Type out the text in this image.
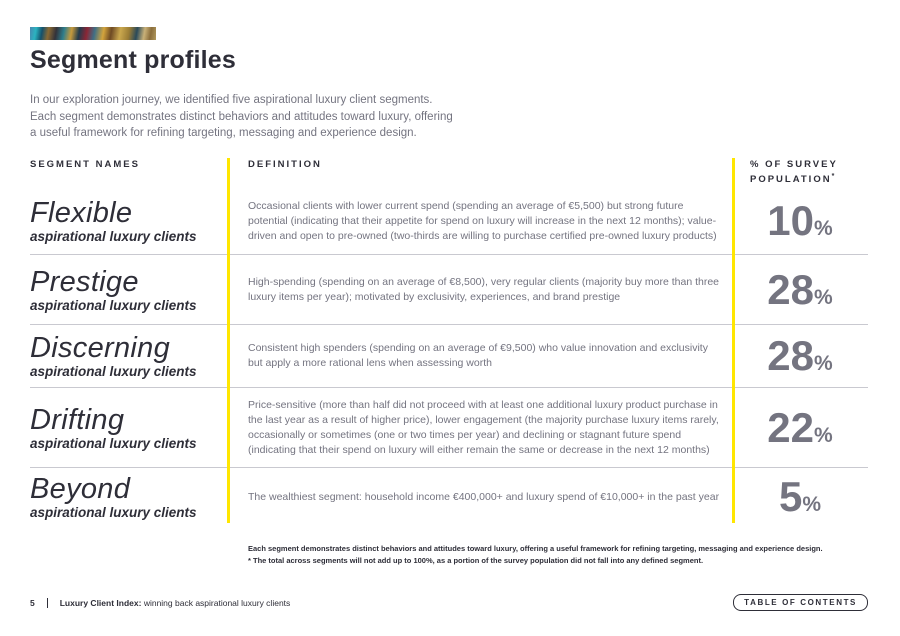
Segment profiles
In our exploration journey, we identified five aspirational luxury client segments.
Each segment demonstrates distinct behaviors and attitudes toward luxury, offering
a useful framework for refining targeting, messaging and experience design.
SEGMENT NAMES	DEFINITION	% OF SURVEY
POPULATION*
Flexible
aspirational luxury clients
Occasional clients with lower current spend (spending an average of €5,500) but strong future potential (indicating that their appetite for spend on luxury will increase in the next 12 months); value-driven and open to pre-owned (two-thirds are willing to purchase certified pre-owned luxury products)	10 %
Prestige
aspirational luxury clients
High-spending (spending on an average of €8,500), very regular clients (majority buy more than three luxury items per year); motivated by exclusivity, experiences, and brand prestige	28 %
Discerning
aspirational luxury clients
Consistent high spenders (spending on an average of €9,500) who value innovation and exclusivity but apply a more rational lens when assessing worth	28 %
Drifting
aspirational luxury clients
Price-sensitive (more than half did not proceed with at least one additional luxury product purchase in the last year as a result of higher price), lower engagement (the majority purchase luxury items rarely, occasionally or sometimes (one or two times per year) and declining or stagnant future spend (indicating that their spend on luxury will either remain the same or decrease in the next 12 months)	22 %
Beyond
aspirational luxury clients
The wealthiest segment: household income €400,000+ and luxury spend of €10,000+ in the past year	5 %
Each segment demonstrates distinct behaviors and attitudes toward luxury, offering a useful framework for refining targeting, messaging and experience design.
* The total across segments will not add up to 100%, as a portion of the survey population did not fall into any defined segment.
5	Luxury Client Index: winning back aspirational luxury clients	TABLE OF CONTENTS
